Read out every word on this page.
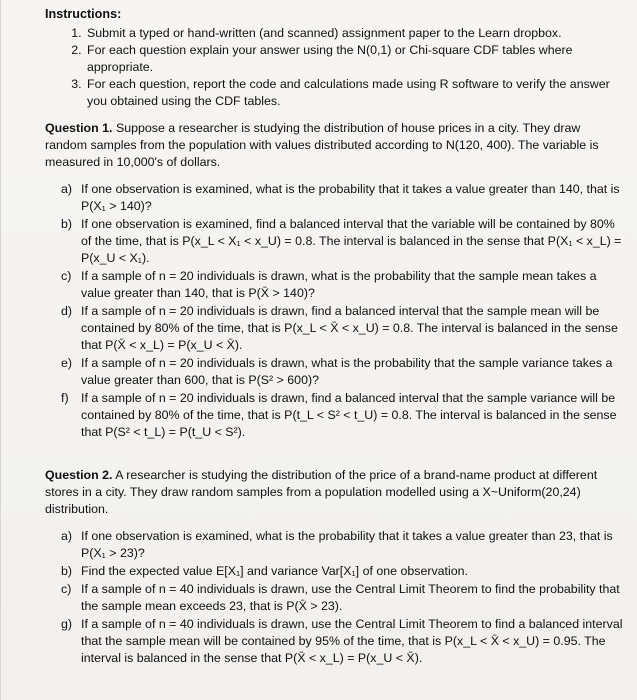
Instructions:
1. Submit a typed or hand-written (and scanned) assignment paper to the Learn dropbox.
2. For each question explain your answer using the N(0,1) or Chi-square CDF tables where appropriate.
3. For each question, report the code and calculations made using R software to verify the answer you obtained using the CDF tables.

Question 1. Suppose a researcher is studying the distribution of house prices in a city. They draw random samples from the population with values distributed according to N(120, 400). The variable is measured in 10,000's of dollars.

a) If one observation is examined, what is the probability that it takes a value greater than 140, that is P(X₁ > 140)?
b) If one observation is examined, find a balanced interval that the variable will be contained by 80% of the time, that is P(x_L < X₁ < x_U) = 0.8. The interval is balanced in the sense that P(X₁ < x_L) = P(x_U < X₁).
c) If a sample of n = 20 individuals is drawn, what is the probability that the sample mean takes a value greater than 140, that is P(X̄ > 140)?
d) If a sample of n = 20 individuals is drawn, find a balanced interval that the sample mean will be contained by 80% of the time, that is P(x_L < X̄ < x_U) = 0.8. The interval is balanced in the sense that P(X̄ < x_L) = P(x_U < X̄).
e) If a sample of n = 20 individuals is drawn, what is the probability that the sample variance takes a value greater than 600, that is P(S² > 600)?
f) If a sample of n = 20 individuals is drawn, find a balanced interval that the sample variance will be contained by 80% of the time, that is P(t_L < S² < t_U) = 0.8. The interval is balanced in the sense that P(S² < t_L) = P(t_U < S²).

Question 2. A researcher is studying the distribution of the price of a brand-name product at different stores in a city. They draw random samples from a population modelled using a X~Uniform(20,24) distribution.

a) If one observation is examined, what is the probability that it takes a value greater than 23, that is P(X₁ > 23)?
b) Find the expected value E[X₁] and variance Var[X₁] of one observation.
c) If a sample of n = 40 individuals is drawn, use the Central Limit Theorem to find the probability that the sample mean exceeds 23, that is P(X̄ > 23).
g) If a sample of n = 40 individuals is drawn, use the Central Limit Theorem to find a balanced interval that the sample mean will be contained by 95% of the time, that is P(x_L < X̄ < x_U) = 0.95. The interval is balanced in the sense that P(X̄ < x_L) = P(x_U < X̄).
